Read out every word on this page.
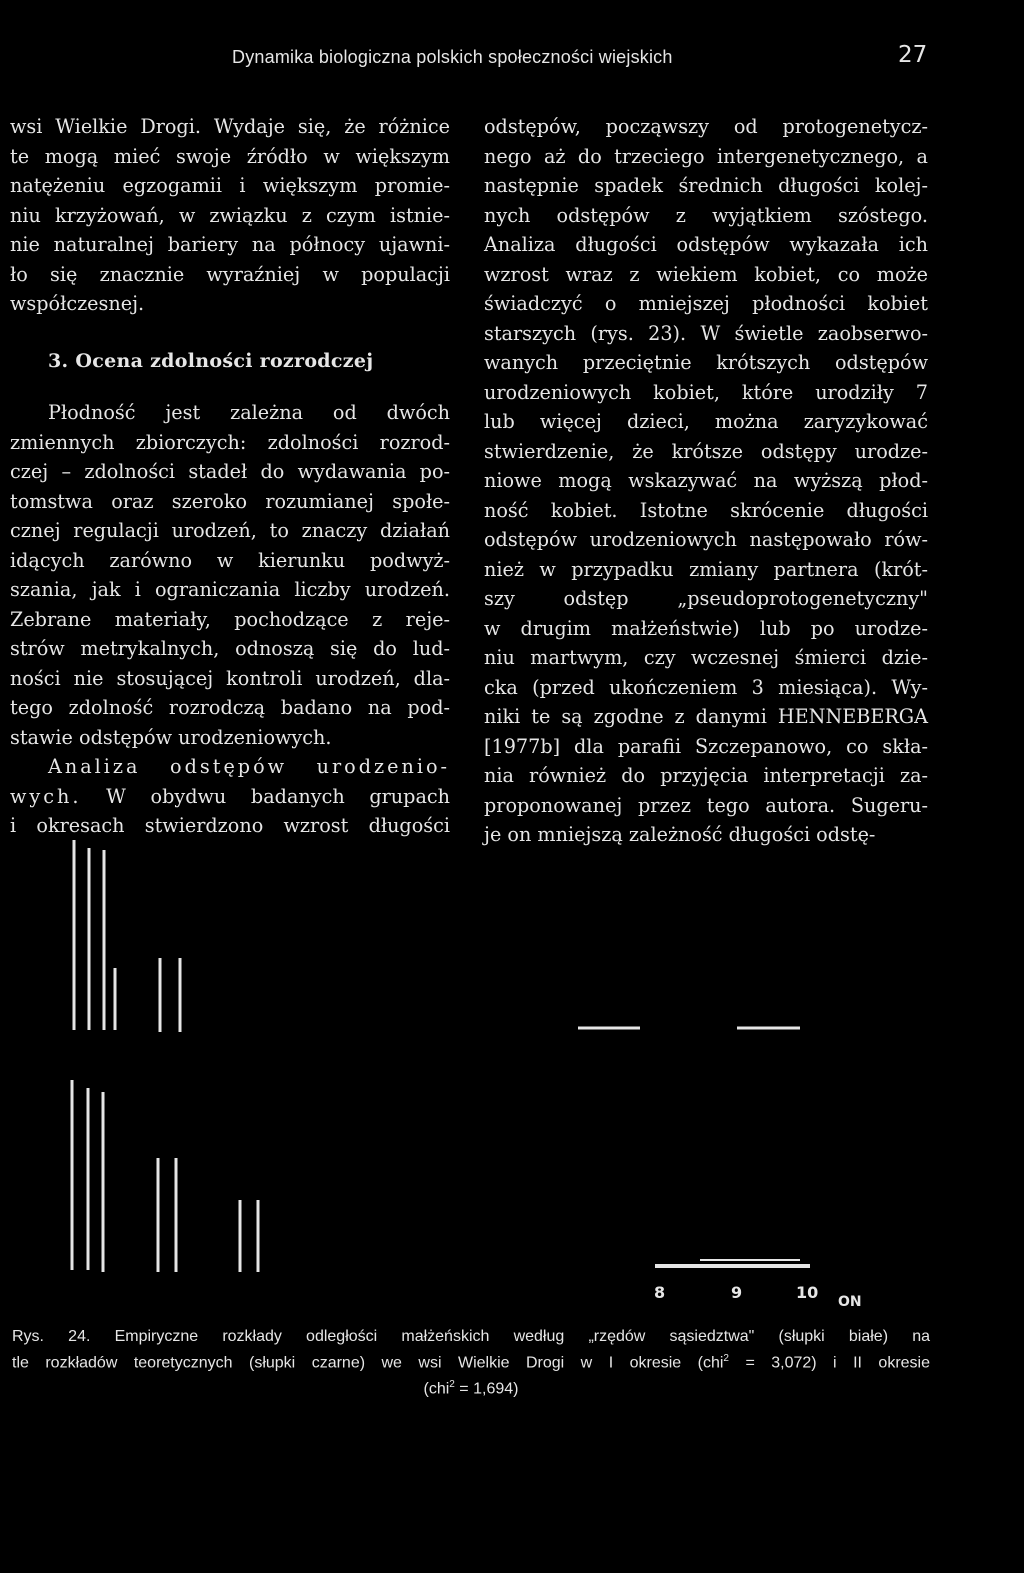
Dynamika biologiczna polskich społeczności wiejskich	27

wsi Wielkie Drogi. Wydaje się, że różnice
te mogą mieć swoje źródło w większym
natężeniu egzogamii i większym promie-
niu krzyżowań, w związku z czym istnie-
nie naturalnej bariery na północy ujawni-
ło się znacznie wyraźniej w populacji
współczesnej.

3. Ocena zdolności rozrodczej

Płodność jest zależna od dwóch
zmiennych zbiorczych: zdolności rozrod-
czej – zdolności stadeł do wydawania po-
tomstwa oraz szeroko rozumianej społe-
cznej regulacji urodzeń, to znaczy działań
idących zarówno w kierunku podwyż-
szania, jak i ograniczania liczby urodzeń.
Zebrane materiały, pochodzące z reje-
strów metrykalnych, odnoszą się do lud-
ności nie stosującej kontroli urodzeń, dla-
tego zdolność rozrodczą badano na pod-
stawie odstępów urodzeniowych.

Analiza odstępów urodzenio-
wych. W obydwu badanych grupach
i okresach stwierdzono wzrost długości

odstępów, począwszy od protogenetycz-
nego aż do trzeciego intergenetycznego, a
następnie spadek średnich długości kolej-
nych odstępów z wyjątkiem szóstego.
Analiza długości odstępów wykazała ich
wzrost wraz z wiekiem kobiet, co może
świadczyć o mniejszej płodności kobiet
starszych (rys. 23). W świetle zaobserwo-
wanych przeciętnie krótszych odstępów
urodzeniowych kobiet, które urodziły 7
lub więcej dzieci, można zaryzykować
stwierdzenie, że krótsze odstępy urodze-
niowe mogą wskazywać na wyższą płod-
ność kobiet. Istotne skrócenie długości
odstępów urodzeniowych następowało rów-
nież w przypadku zmiany partnera (krót-
szy odstęp „pseudoprotogenetyczny"
w drugim małżeństwie) lub po urodze-
niu martwym, czy wczesnej śmierci dzie-
cka (przed ukończeniem 3 miesiąca). Wy-
niki te są zgodne z danymi HENNEBERGA
[1977b] dla parafii Szczepanowo, co skła-
nia również do przyjęcia interpretacji za-
proponowanej przez tego autora. Sugeru-
je on mniejszą zależność długości odstę-

8	9	10 ON
Rys. 24. Empiryczne rozkłady odległości małżeńskich według „rzędów sąsiedztwa" (słupki białe) na
tle rozkładów teoretycznych (słupki czarne) we wsi Wielkie Drogi w I okresie (chi$^2$ = 3,072) i II okresie
(chi$^2$ = 1,694)
